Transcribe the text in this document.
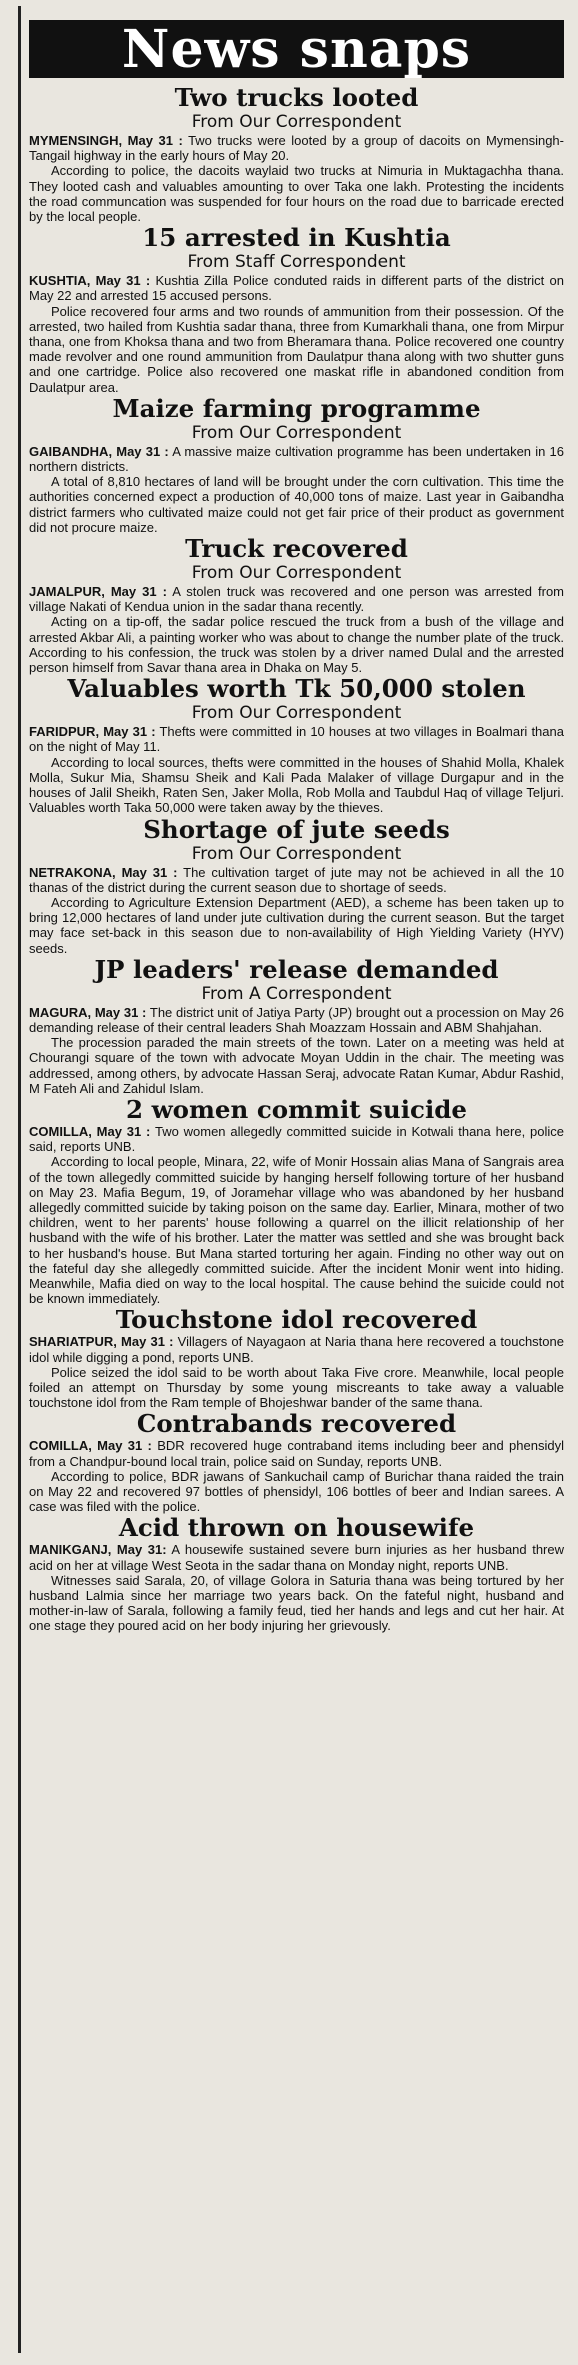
News snaps
Two trucks looted
From Our Correspondent

MYMENSINGH, May 31 : Two trucks were looted by a group of dacoits on Mymensingh-Tangail highway in the early hours of May 20.

According to police, the dacoits waylaid two trucks at Nimuria in Muktagachha thana. They looted cash and valuables amounting to over Taka one lakh. Protesting the incidents the road communcation was suspended for four hours on the road due to barricade erected by the local people.

15 arrested in Kushtia
From Staff Correspondent

KUSHTIA, May 31 : Kushtia Zilla Police conduted raids in different parts of the district on May 22 and arrested 15 accused persons.

Police recovered four arms and two rounds of ammunition from their possession. Of the arrested, two hailed from Kushtia sadar thana, three from Kumarkhali thana, one from Mirpur thana, one from Khoksa thana and two from Bheramara thana. Police recovered one country made revolver and one round ammunition from Daulatpur thana along with two shutter guns and one cartridge. Police also recovered one maskat rifle in abandoned condition from Daulatpur area.

Maize farming programme
From Our Correspondent

GAIBANDHA, May 31 : A massive maize cultivation programme has been undertaken in 16 northern districts.

A total of 8,810 hectares of land will be brought under the corn cultivation. This time the authorities concerned expect a production of 40,000 tons of maize. Last year in Gaibandha district farmers who cultivated maize could not get fair price of their product as government did not procure maize.

Truck recovered
From Our Correspondent

JAMALPUR, May 31 : A stolen truck was recovered and one person was arrested from village Nakati of Kendua union in the sadar thana recently.

Acting on a tip-off, the sadar police rescued the truck from a bush of the village and arrested Akbar Ali, a painting worker who was about to change the number plate of the truck. According to his confession, the truck was stolen by a driver named Dulal and the arrested person himself from Savar thana area in Dhaka on May 5.

Valuables worth Tk 50,000 stolen
From Our Correspondent

FARIDPUR, May 31 : Thefts were committed in 10 houses at two villages in Boalmari thana on the night of May 11.

According to local sources, thefts were committed in the houses of Shahid Molla, Khalek Molla, Sukur Mia, Shamsu Sheik and Kali Pada Malaker of village Durgapur and in the houses of Jalil Sheikh, Raten Sen, Jaker Molla, Rob Molla and Taubdul Haq of village Teljuri. Valuables worth Taka 50,000 were taken away by the thieves.

Shortage of jute seeds
From Our Correspondent

NETRAKONA, May 31 : The cultivation target of jute may not be achieved in all the 10 thanas of the district during the current season due to shortage of seeds.

According to Agriculture Extension Department (AED), a scheme has been taken up to bring 12,000 hectares of land under jute cultivation during the current season. But the target may face set-back in this season due to non-availability of High Yielding Variety (HYV) seeds.

JP leaders' release demanded
From A Correspondent

MAGURA, May 31 : The district unit of Jatiya Party (JP) brought out a procession on May 26 demanding release of their central leaders Shah Moazzam Hossain and ABM Shahjahan.

The procession paraded the main streets of the town. Later on a meeting was held at Chourangi square of the town with advocate Moyan Uddin in the chair. The meeting was addressed, among others, by advocate Hassan Seraj, advocate Ratan Kumar, Abdur Rashid, M Fateh Ali and Zahidul Islam.

2 women commit suicide

COMILLA, May 31 : Two women allegedly committed suicide in Kotwali thana here, police said, reports UNB.

According to local people, Minara, 22, wife of Monir Hossain alias Mana of Sangrais area of the town allegedly committed suicide by hanging herself following torture of her husband on May 23. Mafia Begum, 19, of Joramehar village who was abandoned by her husband allegedly committed suicide by taking poison on the same day. Earlier, Minara, mother of two children, went to her parents' house following a quarrel on the illicit relationship of her husband with the wife of his brother. Later the matter was settled and she was brought back to her husband's house. But Mana started torturing her again. Finding no other way out on the fateful day she allegedly committed suicide. After the incident Monir went into hiding. Meanwhile, Mafia died on way to the local hospital. The cause behind the suicide could not be known immediately.

Touchstone idol recovered

SHARIATPUR, May 31 : Villagers of Nayagaon at Naria thana here recovered a touchstone idol while digging a pond, reports UNB.

Police seized the idol said to be worth about Taka Five crore. Meanwhile, local people foiled an attempt on Thursday by some young miscreants to take away a valuable touchstone idol from the Ram temple of Bhojeshwar bander of the same thana.

Contrabands recovered

COMILLA, May 31 : BDR recovered huge contraband items including beer and phensidyl from a Chandpur-bound local train, police said on Sunday, reports UNB.

According to police, BDR jawans of Sankuchail camp of Burichar thana raided the train on May 22 and recovered 97 bottles of phensidyl, 106 bottles of beer and Indian sarees. A case was filed with the police.

Acid thrown on housewife

MANIKGANJ, May 31: A housewife sustained severe burn injuries as her husband threw acid on her at village West Seota in the sadar thana on Monday night, reports UNB.

Witnesses said Sarala, 20, of village Golora in Saturia thana was being tortured by her husband Lalmia since her marriage two years back. On the fateful night, husband and mother-in-law of Sarala, following a family feud, tied her hands and legs and cut her hair. At one stage they poured acid on her body injuring her grievously.
